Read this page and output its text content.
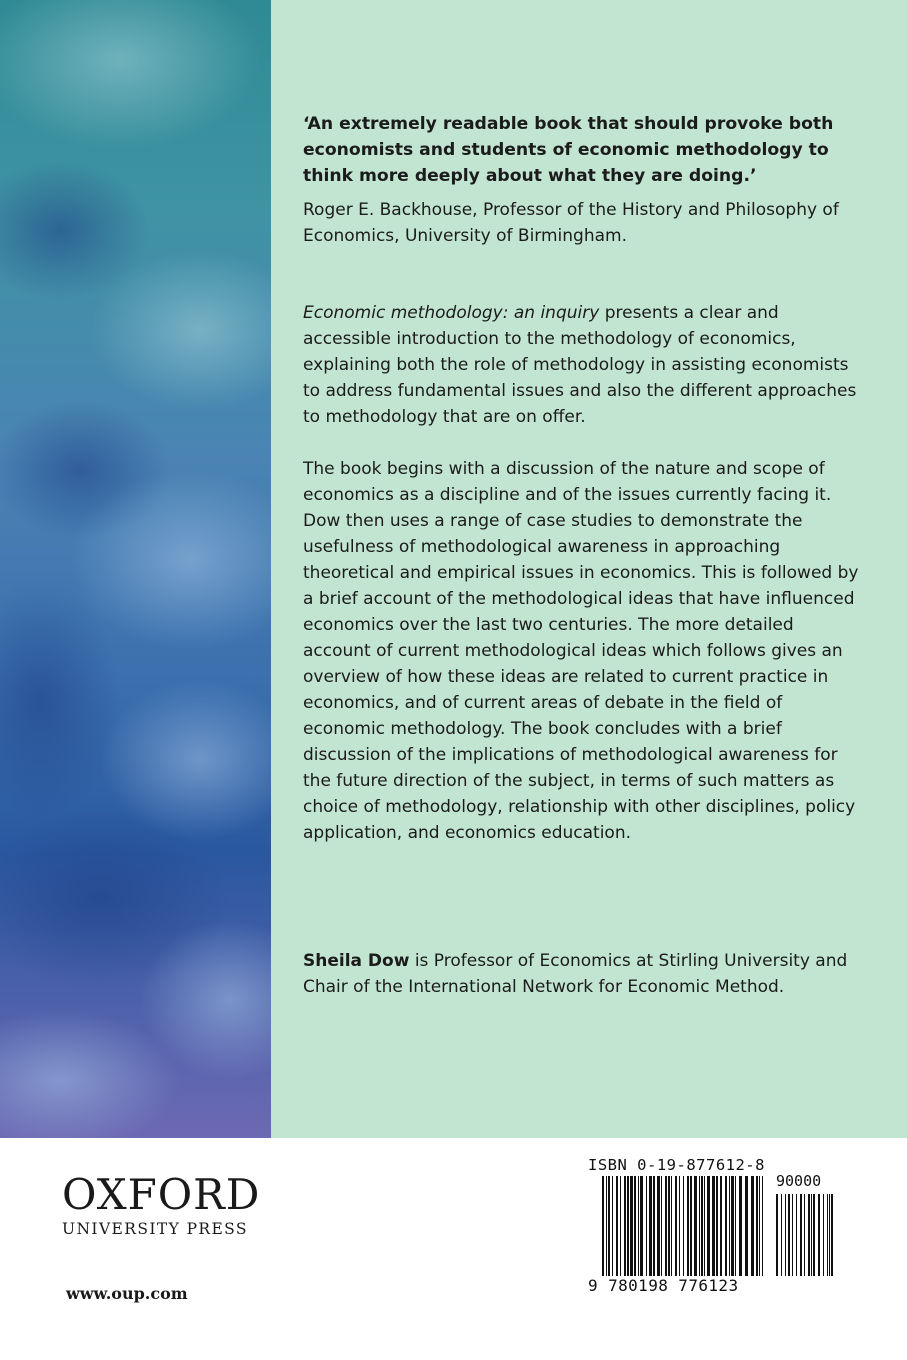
‘An extremely readable book that should provoke both economists and students of economic methodology to think more deeply about what they are doing.’

Roger E. Backhouse, Professor of the History and Philosophy of Economics, University of Birmingham.

Economic methodology: an inquiry presents a clear and accessible introduction to the methodology of economics, explaining both the role of methodology in assisting economists to address fundamental issues and also the different approaches to methodology that are on offer.

The book begins with a discussion of the nature and scope of economics as a discipline and of the issues currently facing it. Dow then uses a range of case studies to demonstrate the usefulness of methodological awareness in approaching theoretical and empirical issues in economics. This is followed by a brief account of the methodological ideas that have influenced economics over the last two centuries. The more detailed account of current methodological ideas which follows gives an overview of how these ideas are related to current practice in economics, and of current areas of debate in the field of economic methodology. The book concludes with a brief discussion of the implications of methodological awareness for the future direction of the subject, in terms of such matters as choice of methodology, relationship with other disciplines, policy application, and economics education.

Sheila Dow is Professor of Economics at Stirling University and Chair of the International Network for Economic Method.

OXFORD
UNIVERSITY PRESS
www.oup.com
ISBN 0-19-877612-8
90000
9 780198 776123
